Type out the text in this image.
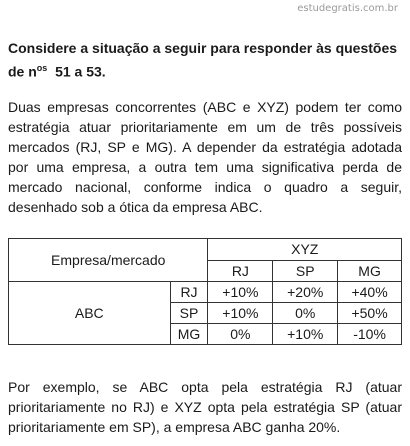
estudegratis.com.br
Considere a situação a seguir para responder às questões de $n^{os}$  51 a 53.

Duas empresas concorrentes (ABC e XYZ) podem ter como estratégia atuar prioritariamente em um de três possíveis mercados (RJ, SP e MG). A depender da estratégia adotada por uma empresa, a outra tem uma significativa perda de mercado nacional, conforme indica o quadro a seguir, desenhado sob a ótica da empresa ABC.

Empresa/mercado		XYZ		
		RJ	SP	MG
ABC	RJ	+10%	+20%	+40%
	SP	+10%	0%	+50%
	MG	0%	+10%	-10%

Por exemplo, se ABC opta pela estratégia RJ (atuar prioritariamente no RJ) e XYZ opta pela estratégia SP (atuar prioritariamente em SP), a empresa ABC ganha 20%.
